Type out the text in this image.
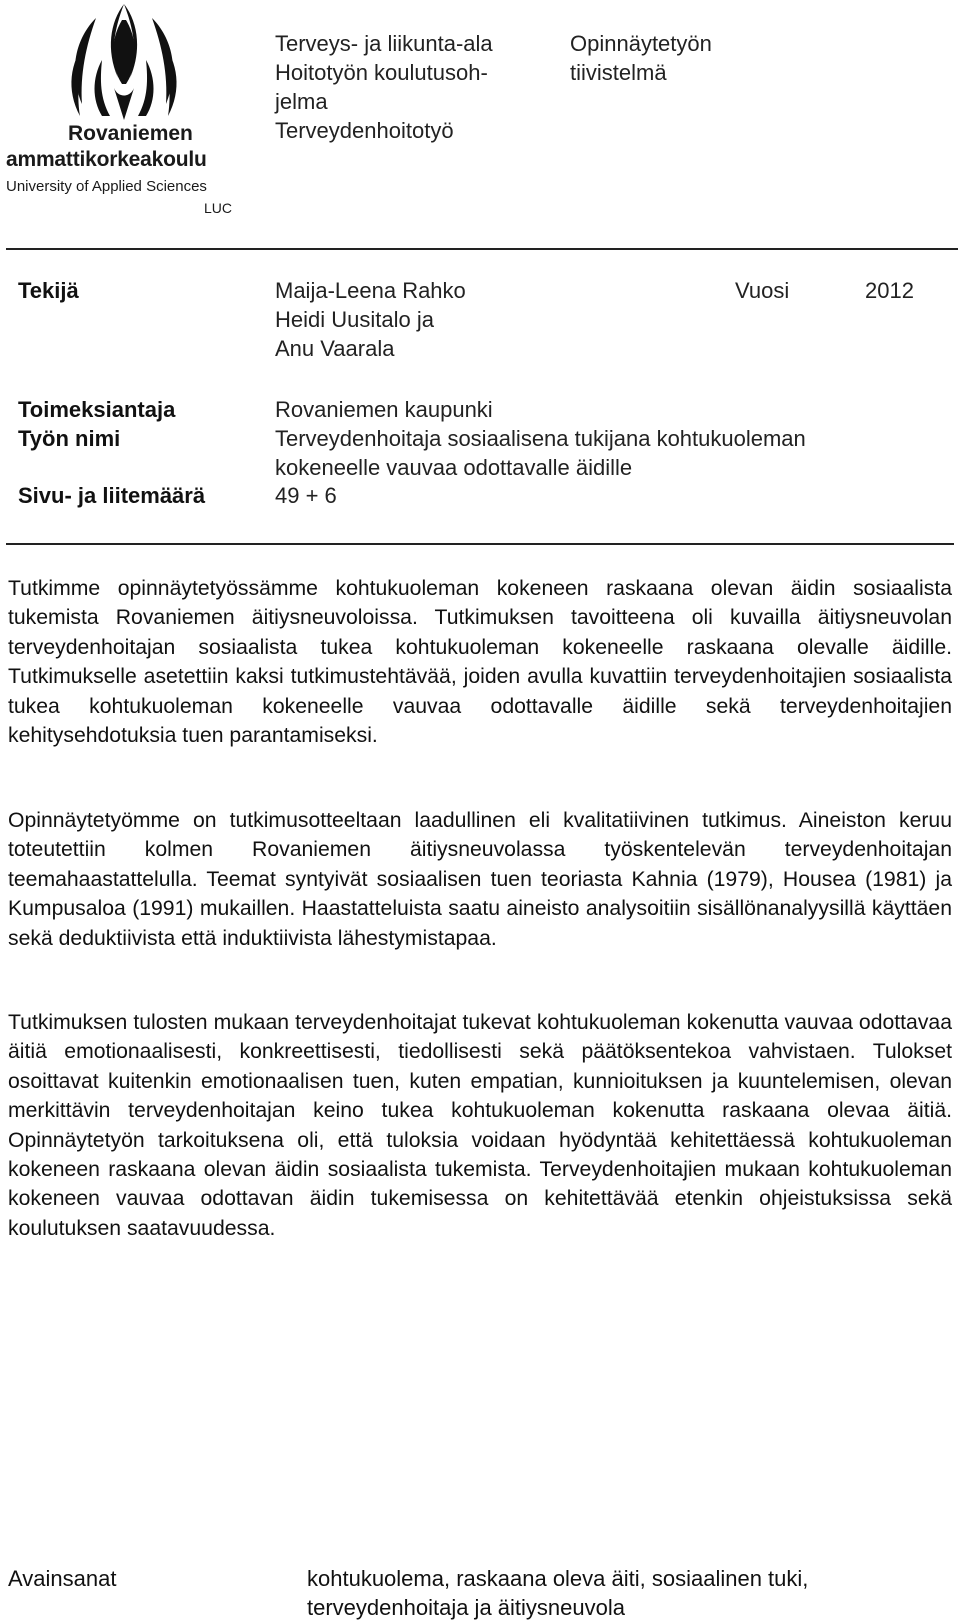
Rovaniemen
ammattikorkeakoulu
University of Applied Sciences
LUC
Terveys- ja liikunta-ala
Hoitotyön koulutusoh-
jelma
Terveydenhoitotyö
Opinnäytetyön
tiivistelmä
Tekijä	Maija-Leena Rahko
Heidi Uusitalo ja
Anu Vaarala
Vuosi	2012
Toimeksiantaja	Rovaniemen kaupunki
Työn nimi	Terveydenhoitaja sosiaalisena tukijana kohtukuoleman
kokeneelle vauvaa odottavalle äidille
Sivu- ja liitemäärä	49 + 6

Tutkimme opinnäytetyössämme kohtukuoleman kokeneen raskaana olevan äidin sosiaalista tukemista Rovaniemen äitiysneuvoloissa. Tutkimuksen tavoitteena oli kuvailla äitiysneuvolan terveydenhoitajan sosiaalista tukea kohtukuoleman kokeneelle raskaana olevalle äidille. Tutkimukselle asetettiin kaksi tutkimustehtävää, joiden avulla kuvattiin terveydenhoitajien sosiaalista tukea kohtukuoleman kokeneelle vauvaa odottavalle äidille sekä terveydenhoitajien kehitysehdotuksia tuen parantamiseksi.

Opinnäytetyömme on tutkimusotteeltaan laadullinen eli kvalitatiivinen tutkimus. Aineiston keruu toteutettiin kolmen Rovaniemen äitiysneuvolassa työskentelevän terveydenhoitajan teemahaastattelulla. Teemat syntyivät sosiaalisen tuen teoriasta Kahnia (1979), Housea (1981) ja Kumpusaloa (1991) mukaillen. Haastatteluista saatu aineisto analysoitiin sisällönanalyysillä käyttäen sekä deduktiivista että induktiivista lähestymistapaa.

Tutkimuksen tulosten mukaan terveydenhoitajat tukevat kohtukuoleman kokenutta vauvaa odottavaa äitiä emotionaalisesti, konkreettisesti, tiedollisesti sekä päätöksentekoa vahvistaen. Tulokset osoittavat kuitenkin emotionaalisen tuen, kuten empatian, kunnioituksen ja kuuntelemisen, olevan merkittävin terveydenhoitajan keino tukea kohtukuoleman kokenutta raskaana olevaa äitiä. Opinnäytetyön tarkoituksena oli, että tuloksia voidaan hyödyntää kehitettäessä kohtukuoleman kokeneen raskaana olevan äidin sosiaalista tukemista. Terveydenhoitajien mukaan kohtukuoleman kokeneen vauvaa odottavan äidin tukemisessa on kehitettävää etenkin ohjeistuksissa sekä koulutuksen saatavuudessa.

Avainsanat	kohtukuolema, raskaana oleva äiti, sosiaalinen tuki, terveydenhoitaja ja äitiysneuvola
